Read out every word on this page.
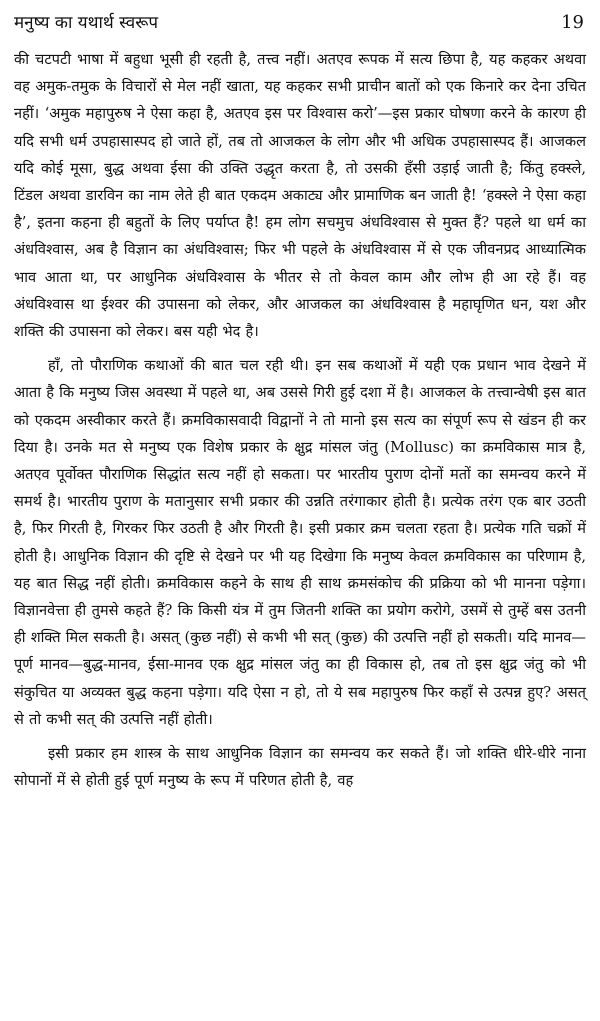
मनुष्य का यथार्थ स्वरूप	19

की चटपटी भाषा में बहुधा भूसी ही रहती है, तत्त्व नहीं। अतएव रूपक में सत्य छिपा है, यह कहकर अथवा वह अमुक-तमुक के विचारों से मेल नहीं खाता, यह कहकर सभी प्राचीन बातों को एक किनारे कर देना उचित नहीं। ‘अमुक महापुरुष ने ऐसा कहा है, अतएव इस पर विश्वास करो’—इस प्रकार घोषणा करने के कारण ही यदि सभी धर्म उपहासास्पद हो जाते हों, तब तो आजकल के लोग और भी अधिक उपहासास्पद हैं। आजकल यदि कोई मूसा, बुद्ध अथवा ईसा की उक्ति उद्धृत करता है, तो उसकी हँसी उड़ाई जाती है; किंतु हक्स्ले, टिंडल अथवा डारविन का नाम लेते ही बात एकदम अकाट्य और प्रामाणिक बन जाती है! ‘हक्स्ले ने ऐसा कहा है’, इतना कहना ही बहुतों के लिए पर्याप्त है! हम लोग सचमुच अंधविश्वास से मुक्त हैं? पहले था धर्म का अंधविश्वास, अब है विज्ञान का अंधविश्वास; फिर भी पहले के अंधविश्वास में से एक जीवनप्रद आध्यात्मिक भाव आता था, पर आधुनिक अंधविश्वास के भीतर से तो केवल काम और लोभ ही आ रहे हैं। वह अंधविश्वास था ईश्वर की उपासना को लेकर, और आजकल का अंधविश्वास है महाघृणित धन, यश और शक्ति की उपासना को लेकर। बस यही भेद है।

हाँ, तो पौराणिक कथाओं की बात चल रही थी। इन सब कथाओं में यही एक प्रधान भाव देखने में आता है कि मनुष्य जिस अवस्था में पहले था, अब उससे गिरी हुई दशा में है। आजकल के तत्त्वान्वेषी इस बात को एकदम अस्वीकार करते हैं। क्रमविकासवादी विद्वानों ने तो मानो इस सत्य का संपूर्ण रूप से खंडन ही कर दिया है। उनके मत से मनुष्य एक विशेष प्रकार के क्षुद्र मांसल जंतु (Mollusc) का क्रमविकास मात्र है, अतएव पूर्वोक्त पौराणिक सिद्धांत सत्य नहीं हो सकता। पर भारतीय पुराण दोनों मतों का समन्वय करने में समर्थ है। भारतीय पुराण के मतानुसार सभी प्रकार की उन्नति तरंगाकार होती है। प्रत्येक तरंग एक बार उठती है, फिर गिरती है, गिरकर फिर उठती है और गिरती है। इसी प्रकार क्रम चलता रहता है। प्रत्येक गति चक्रों में होती है। आधुनिक विज्ञान की दृष्टि से देखने पर भी यह दिखेगा कि मनुष्य केवल क्रमविकास का परिणाम है, यह बात सिद्ध नहीं होती। क्रमविकास कहने के साथ ही साथ क्रमसंकोच की प्रक्रिया को भी मानना पड़ेगा। विज्ञानवेत्ता ही तुमसे कहते हैं? कि किसी यंत्र में तुम जितनी शक्ति का प्रयोग करोगे, उसमें से तुम्हें बस उतनी ही शक्ति मिल सकती है। असत् (कुछ नहीं) से कभी भी सत् (कुछ) की उत्पत्ति नहीं हो सकती। यदि मानव—पूर्ण मानव—बुद्ध-मानव, ईसा-मानव एक क्षुद्र मांसल जंतु का ही विकास हो, तब तो इस क्षुद्र जंतु को भी संकुचित या अव्यक्त बुद्ध कहना पड़ेगा। यदि ऐसा न हो, तो ये सब महापुरुष फिर कहाँ से उत्पन्न हुए? असत् से तो कभी सत् की उत्पत्ति नहीं होती।

इसी प्रकार हम शास्त्र के साथ आधुनिक विज्ञान का समन्वय कर सकते हैं। जो शक्ति धीरे-धीरे नाना सोपानों में से होती हुई पूर्ण मनुष्य के रूप में परिणत होती है, वह
